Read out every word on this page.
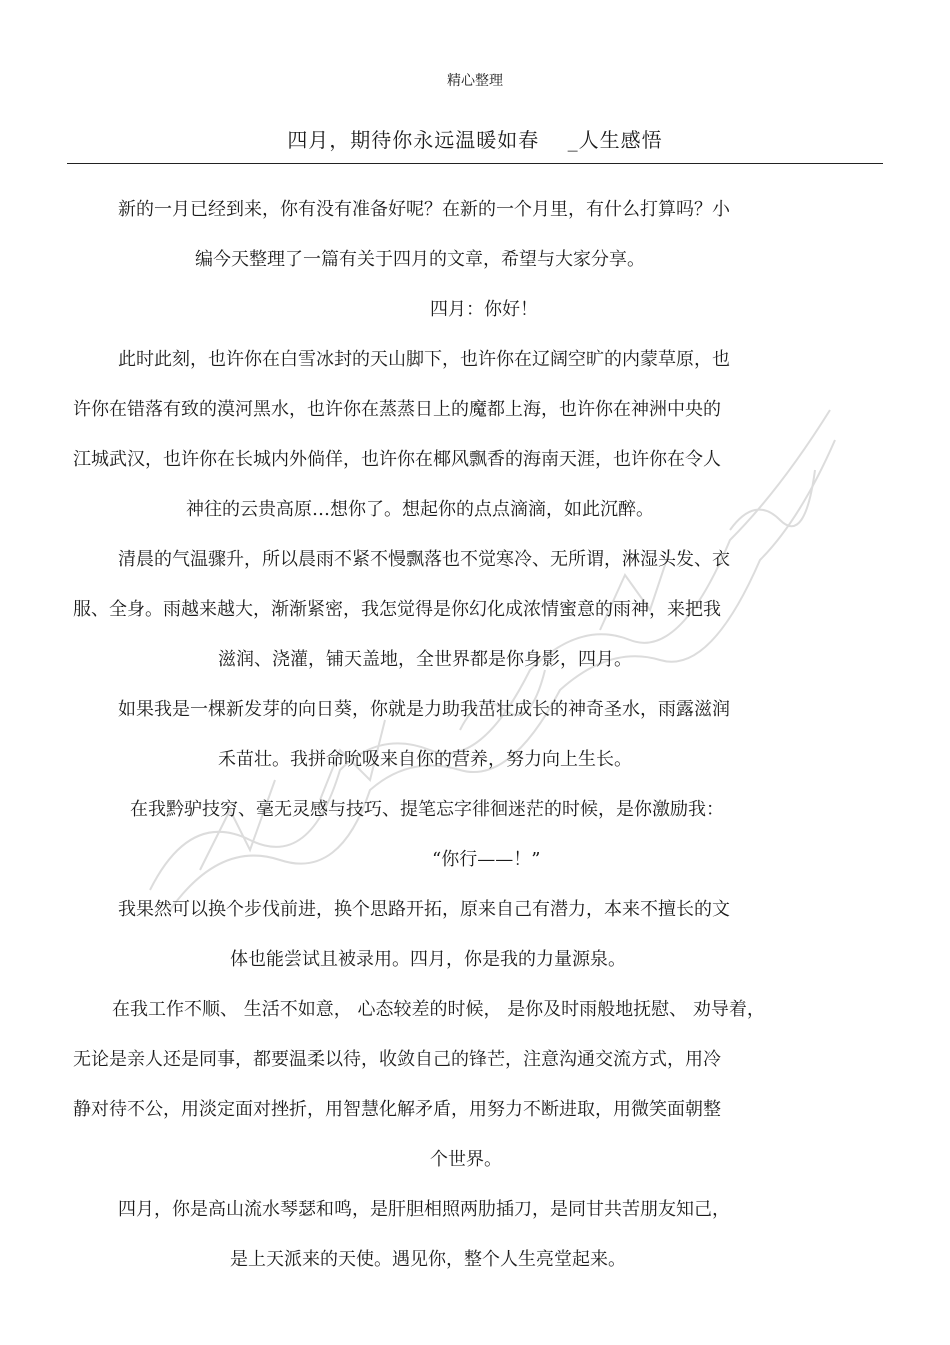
精心整理
四月，期待你永远温暖如春　 _人生感悟
新的一月已经到来，你有没有准备好呢？在新的一个月里，有什么打算吗？小
编今天整理了一篇有关于四月的文章，希望与大家分享。
四月：你好！
此时此刻，也许你在白雪冰封的天山脚下，也许你在辽阔空旷的内蒙草原，也
许你在错落有致的漠河黑水，也许你在蒸蒸日上的魔都上海，也许你在神洲中央的
江城武汉，也许你在长城内外倘佯，也许你在椰风飘香的海南天涯，也许你在令人
神往的云贵高原…想你了。想起你的点点滴滴，如此沉醉。
清晨的气温骤升，所以晨雨不紧不慢飘落也不觉寒冷、无所谓，淋湿头发、衣
服、全身。雨越来越大，渐渐紧密，我怎觉得是你幻化成浓情蜜意的雨神，来把我
滋润、浇灌，铺天盖地，全世界都是你身影，四月。
如果我是一棵新发芽的向日葵，你就是力助我茁壮成长的神奇圣水，雨露滋润
禾苗壮。我拼命吮吸来自你的营养，努力向上生长。
在我黔驴技穷、毫无灵感与技巧、提笔忘字徘徊迷茫的时候，是你激励我：
“你行——！”
我果然可以换个步伐前进，换个思路开拓，原来自己有潜力，本来不擅长的文
体也能尝试且被录用。四月，你是我的力量源泉。
在我工作不顺、 生活不如意， 心态较差的时候， 是你及时雨般地抚慰、 劝导着，
无论是亲人还是同事，都要温柔以待，收敛自己的锋芒，注意沟通交流方式，用冷
静对待不公，用淡定面对挫折，用智慧化解矛盾，用努力不断进取，用微笑面朝整
个世界。
四月，你是高山流水琴瑟和鸣，是肝胆相照两肋插刀，是同甘共苦朋友知己，
是上天派来的天使。遇见你，整个人生亮堂起来。
